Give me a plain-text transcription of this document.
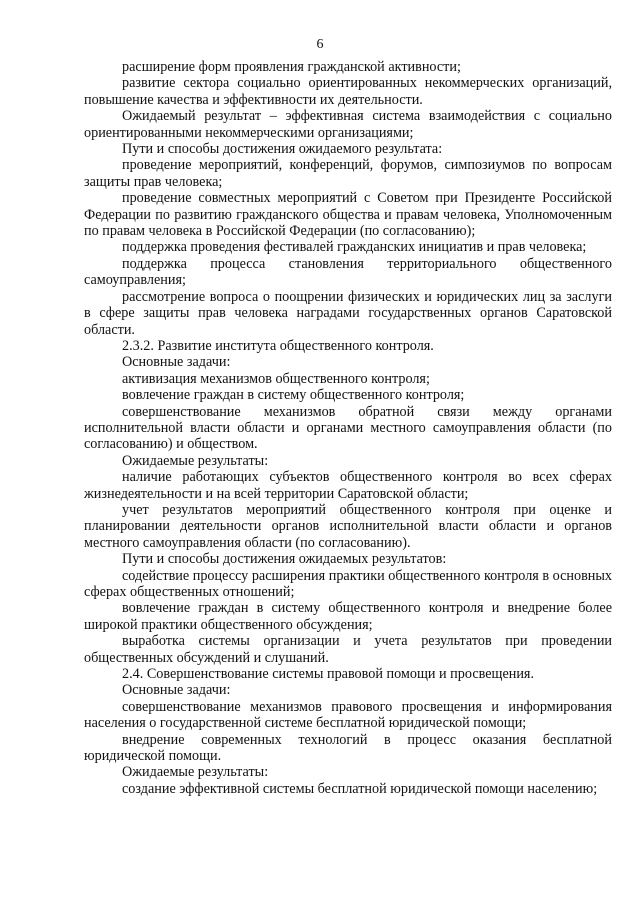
6

расширение форм проявления гражданской активности;

развитие сектора социально ориентированных некоммерческих организаций, повышение качества и эффективности их деятельности.

Ожидаемый результат – эффективная система взаимодействия с социально ориентированными некоммерческими организациями;

Пути и способы достижения ожидаемого результата:

проведение мероприятий, конференций, форумов, симпозиумов по вопросам защиты прав человека;

проведение совместных мероприятий с Советом при Президенте Российской Федерации по развитию гражданского общества и правам человека, Уполномоченным по правам человека в Российской Федерации (по согласованию);

поддержка проведения фестивалей гражданских инициатив и прав человека;

поддержка процесса становления территориального общественного самоуправления;

рассмотрение вопроса о поощрении физических и юридических лиц за заслуги в сфере защиты прав человека наградами государственных органов Саратовской области.

2.3.2. Развитие института общественного контроля.

Основные задачи:

активизация механизмов общественного контроля;

вовлечение граждан в систему общественного контроля;

совершенствование механизмов обратной связи между органами исполнительной власти области и органами местного самоуправления области (по согласованию) и обществом.

Ожидаемые результаты:

наличие работающих субъектов общественного контроля во всех сферах жизнедеятельности и на всей территории Саратовской области;

учет результатов мероприятий общественного контроля при оценке и планировании деятельности органов исполнительной власти области и органов местного самоуправления области (по согласованию).

Пути и способы достижения ожидаемых результатов:

содействие процессу расширения практики общественного контроля в основных сферах общественных отношений;

вовлечение граждан в систему общественного контроля и внедрение более широкой практики общественного обсуждения;

выработка системы организации и учета результатов при проведении общественных обсуждений и слушаний.

2.4. Совершенствование системы правовой помощи и просвещения.

Основные задачи:

совершенствование механизмов правового просвещения и информирования населения о государственной системе бесплатной юридической помощи;

внедрение современных технологий в процесс оказания бесплатной юридической помощи.

Ожидаемые результаты:

создание эффективной системы бесплатной юридической помощи населению;
